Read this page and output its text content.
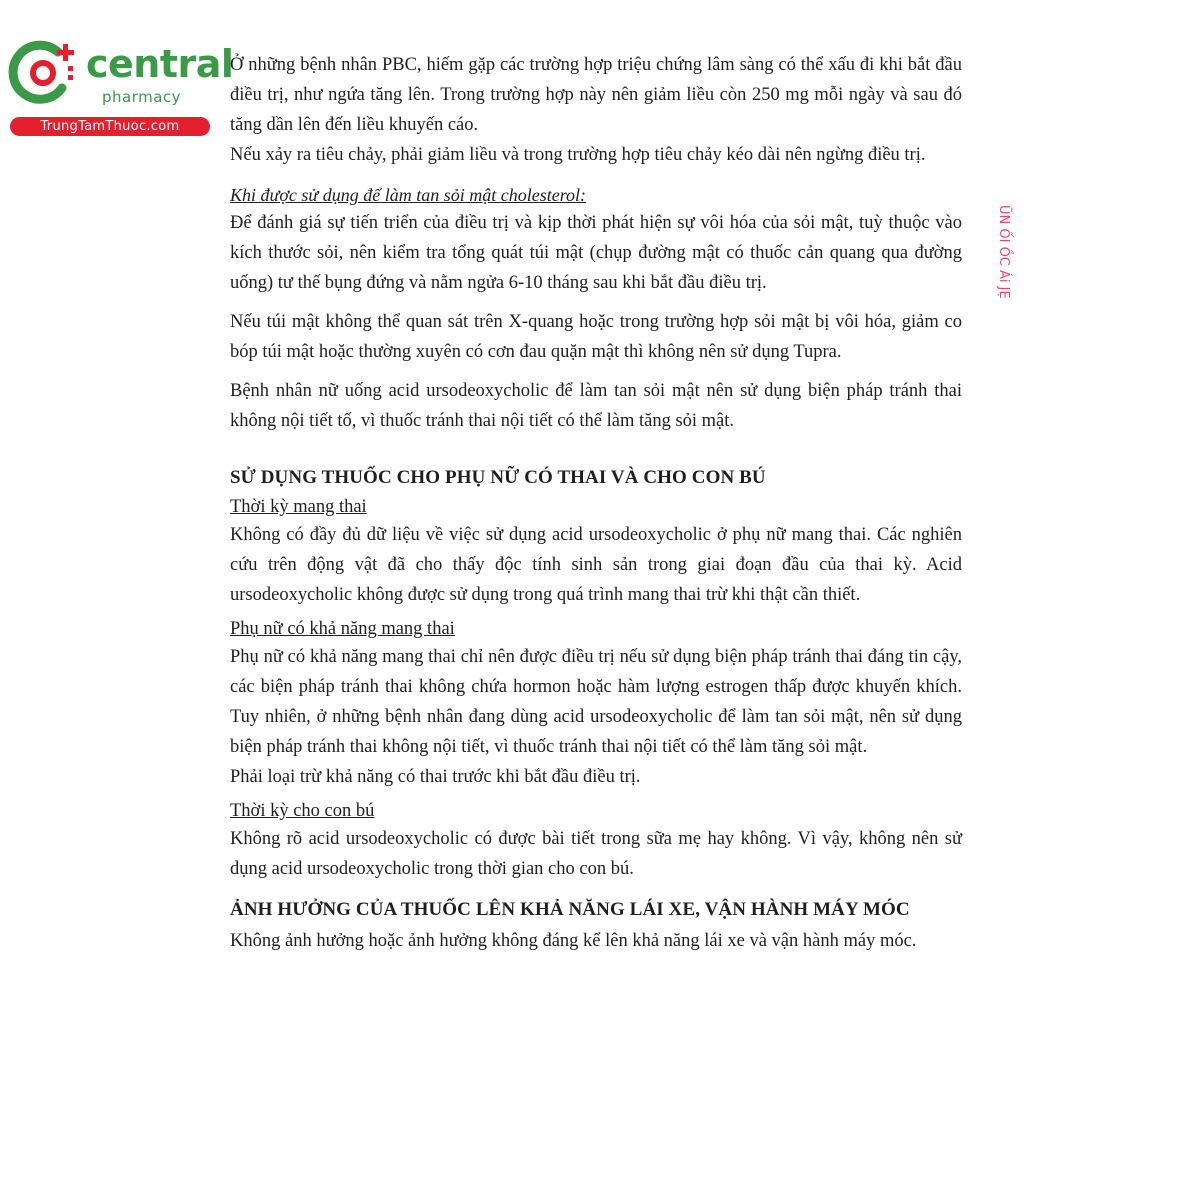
central
pharmacy
TrungTamThuoc.com
ŨN ỐI ỒC Ái JẸ

Ở những bệnh nhân PBC, hiếm gặp các trường hợp triệu chứng lâm sàng có thể xấu đi khi bắt đầu điều trị, như ngứa tăng lên. Trong trường hợp này nên giảm liều còn 250 mg mỗi ngày và sau đó tăng dần lên đến liều khuyến cáo.

Nếu xảy ra tiêu chảy, phải giảm liều và trong trường hợp tiêu chảy kéo dài nên ngừng điều trị.

Khi được sử dụng để làm tan sỏi mật cholesterol:

Để đánh giá sự tiến triển của điều trị và kịp thời phát hiện sự vôi hóa của sỏi mật, tuỳ thuộc vào kích thước sỏi, nên kiểm tra tổng quát túi mật (chụp đường mật có thuốc cản quang qua đường uống) tư thế bụng đứng và nằm ngửa 6-10 tháng sau khi bắt đầu điều trị.

Nếu túi mật không thể quan sát trên X-quang hoặc trong trường hợp sỏi mật bị vôi hóa, giảm co bóp túi mật hoặc thường xuyên có cơn đau quặn mật thì không nên sử dụng Tupra.

Bệnh nhân nữ uống acid ursodeoxycholic để làm tan sỏi mật nên sử dụng biện pháp tránh thai không nội tiết tố, vì thuốc tránh thai nội tiết có thể làm tăng sỏi mật.

SỬ DỤNG THUỐC CHO PHỤ NỮ CÓ THAI VÀ CHO CON BÚ

Thời kỳ mang thai

Không có đầy đủ dữ liệu về việc sử dụng acid ursodeoxycholic ở phụ nữ mang thai. Các nghiên cứu trên động vật đã cho thấy độc tính sinh sản trong giai đoạn đầu của thai kỳ. Acid ursodeoxycholic không được sử dụng trong quá trình mang thai trừ khi thật cần thiết.

Phụ nữ có khả năng mang thai

Phụ nữ có khả năng mang thai chỉ nên được điều trị nếu sử dụng biện pháp tránh thai đáng tin cậy, các biện pháp tránh thai không chứa hormon hoặc hàm lượng estrogen thấp được khuyến khích. Tuy nhiên, ở những bệnh nhân đang dùng acid ursodeoxycholic để làm tan sỏi mật, nên sử dụng biện pháp tránh thai không nội tiết, vì thuốc tránh thai nội tiết có thể làm tăng sỏi mật.

Phải loại trừ khả năng có thai trước khi bắt đầu điều trị.

Thời kỳ cho con bú

Không rõ acid ursodeoxycholic có được bài tiết trong sữa mẹ hay không. Vì vậy, không nên sử dụng acid ursodeoxycholic trong thời gian cho con bú.

ẢNH HƯỞNG CỦA THUỐC LÊN KHẢ NĂNG LÁI XE, VẬN HÀNH MÁY MÓC

Không ảnh hưởng hoặc ảnh hưởng không đáng kể lên khả năng lái xe và vận hành máy móc.
